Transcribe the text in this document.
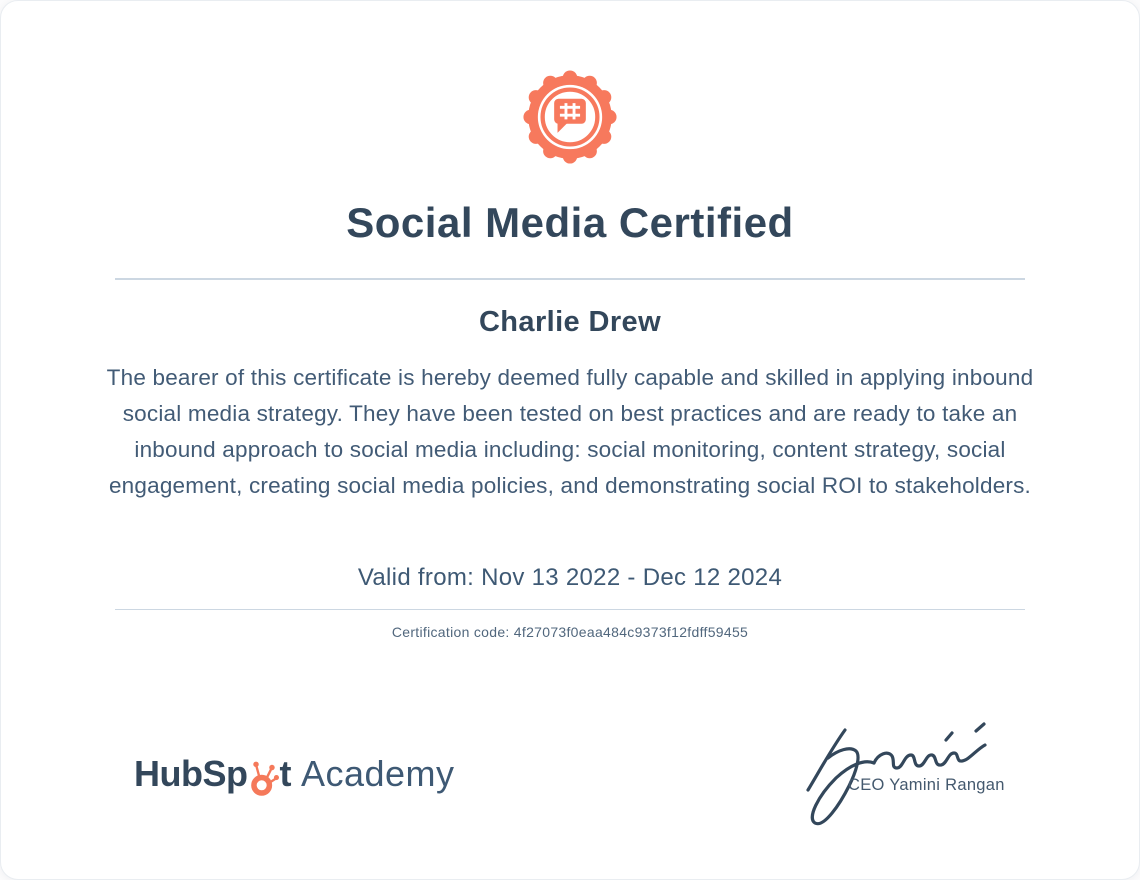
Social Media Certified
Charlie Drew

The bearer of this certificate is hereby deemed fully capable and skilled in applying inbound social media strategy. They have been tested on best practices and are ready to take an inbound approach to social media including: social monitoring, content strategy, social engagement, creating social media policies, and demonstrating social ROI to stakeholders.

Valid from: Nov 13 2022 - Dec 12 2024

Certification code: 4f27073f0eaa484c9373f12fdff59455

HubSp t Academy	CEO Yamini Rangan
